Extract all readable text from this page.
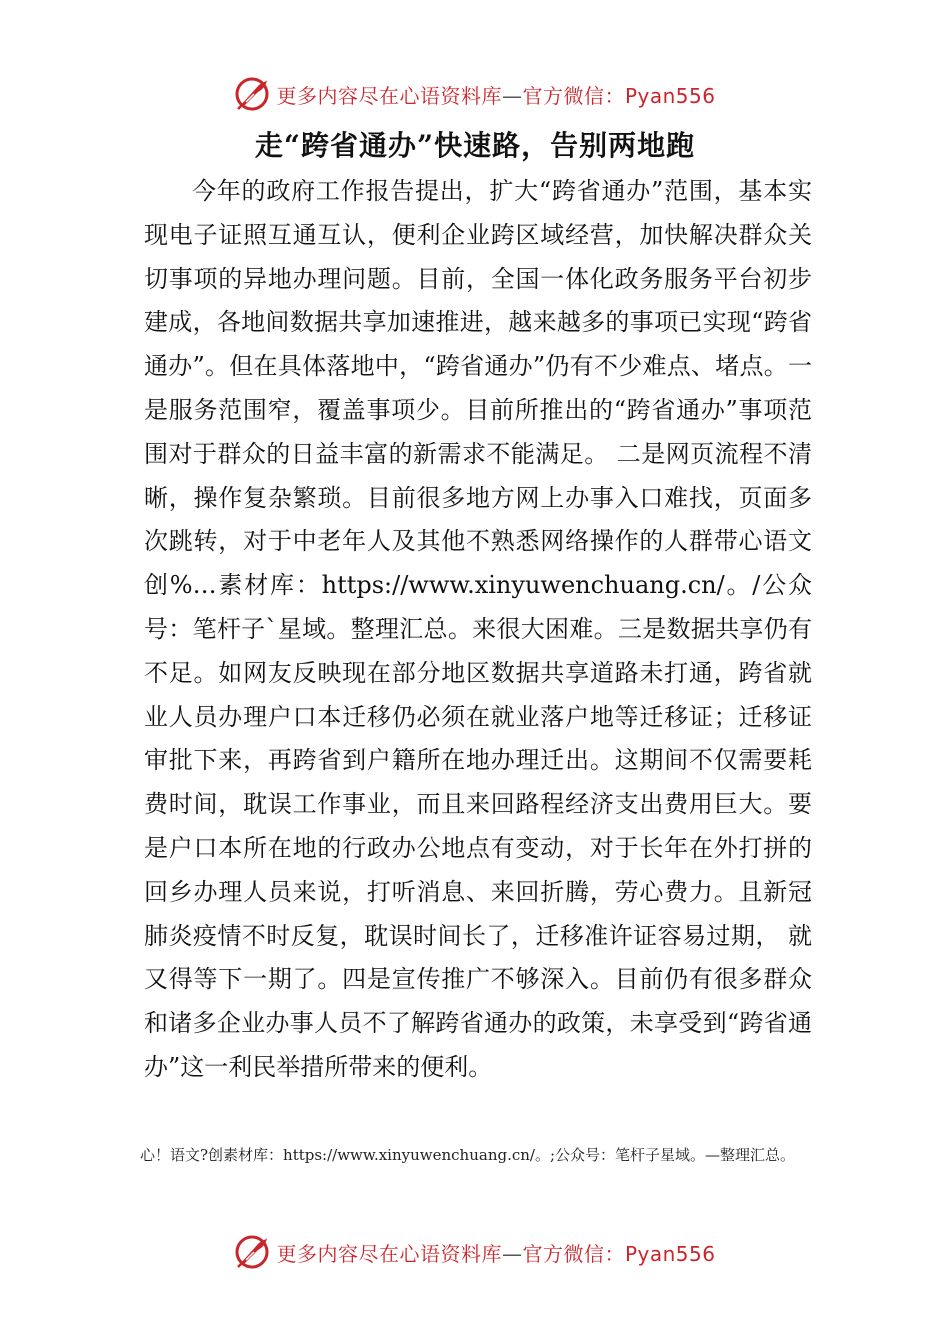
更多内容尽在心语资料库—官方微信：Pyan556
走“跨省通办”快速路，告别两地跑
今年的政府工作报告提出，扩大“跨省通办”范围，基本实现电子证照互通互认，便利企业跨区域经营，加快解决群众关切事项的异地办理问题。目前，全国一体化政务服务平台初步建成，各地间数据共享加速推进，越来越多的事项已实现“跨省通办”。但在具体落地中，“跨省通办”仍有不少难点、堵点。一是服务范围窄，覆盖事项少。目前所推出的“跨省通办”事项范围对于群众的日益丰富的新需求不能满足。 二是网页流程不清晰，操作复杂繁琐。目前很多地方网上办事入口难找，页面多次跳转，对于中老年人及其他不熟悉网络操作的人群带心语文创%…素材库：https://www.xinyuwenchuang.cn/。/公众号：笔杆子`星域。整理汇总。来很大困难。三是数据共享仍有不足。如网友反映现在部分地区数据共享道路未打通，跨省就业人员办理户口本迁移仍必须在就业落户地等迁移证；迁移证审批下来，再跨省到户籍所在地办理迁出。这期间不仅需要耗费时间，耽误工作事业，而且来回路程经济支出费用巨大。要是户口本所在地的行政办公地点有变动，对于长年在外打拼的回乡办理人员来说，打听消息、来回折腾，劳心费力。且新冠肺炎疫情不时反复，耽误时间长了，迁移准许证容易过期， 就又得等下一期了。四是宣传推广不够深入。目前仍有很多群众和诸多企业办事人员不了解跨省通办的政策，未享受到“跨省通办”这一利民举措所带来的便利。
心！语文?创素材库：https://www.xinyuwenchuang.cn/。;公众号：笔杆子星域。—整理汇总。
更多内容尽在心语资料库—官方微信：Pyan556
